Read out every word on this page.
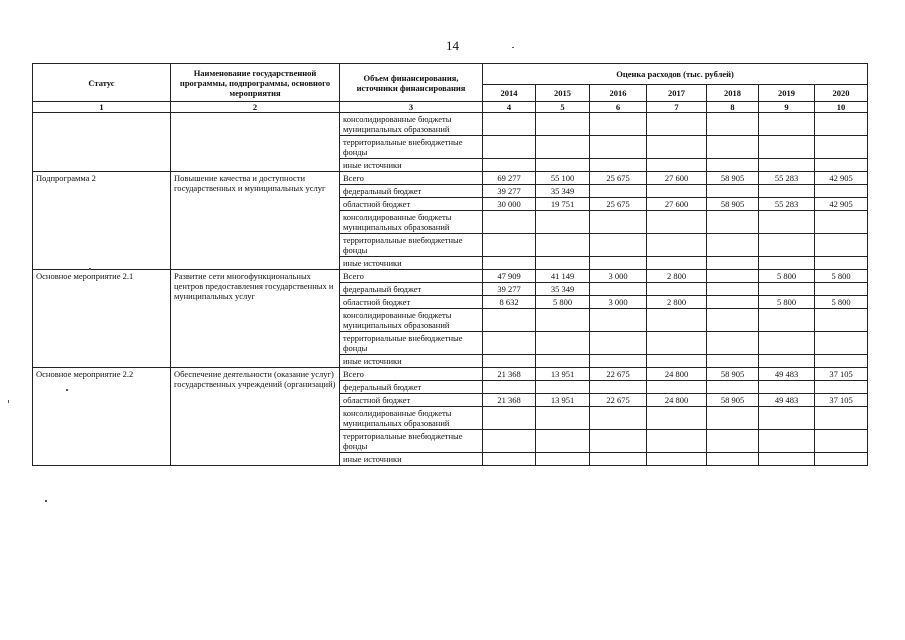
14
Статус	Наименование государственной программы, подпрограммы, основного мероприятия	Объем финансирования, источники финансирования	Оценка расходов (тыс. рублей)						
			2014	2015	2016	2017	2018	2019	2020
1	2	3	4	5	6	7	8	9	10
		консолидированные бюджеты муниципальных образований							
		территориальные внебюджетные фонды							
		иные источники							
Подпрограмма 2	Повышение качества и доступности государственных и муниципальных услуг	Всего	69 277	55 100	25 675	27 600	58 905	55 283	42 905
		федеральный бюджет	39 277	35 349					
		областной бюджет	30 000	19 751	25 675	27 600	58 905	55 283	42 905
		консолидированные бюджеты муниципальных образований							
		территориальные внебюджетные фонды							
		иные источники							
Основное мероприятие 2.1	Развитие сети многофункциональных центров предоставления государственных и муниципальных услуг	Всего	47 909	41 149	3 000	2 800		5 800	5 800
		федеральный бюджет	39 277	35 349					
		областной бюджет	8 632	5 800	3 000	2 800		5 800	5 800
		консолидированные бюджеты муниципальных образований							
		территориальные внебюджетные фонды							
		иные источники							
Основное мероприятие 2.2	Обеспечение деятельности (оказание услуг) государственных учреждений (организаций)	Всего	21 368	13 951	22 675	24 800	58 905	49 483	37 105
		федеральный бюджет							
		областной бюджет	21 368	13 951	22 675	24 800	58 905	49 483	37 105
		консолидированные бюджеты муниципальных образований							
		территориальные внебюджетные фонды							
		иные источники							
